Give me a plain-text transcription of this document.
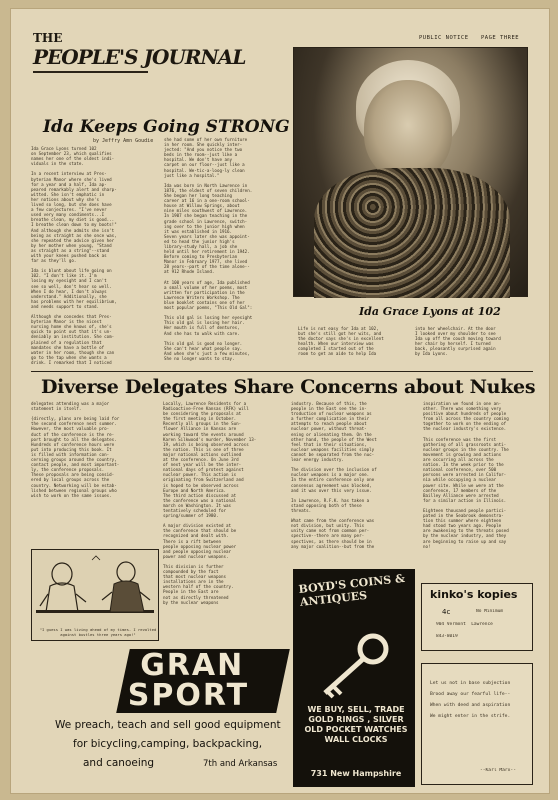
THE
PEOPLE'S JOURNAL
PUBLIC NOTICE PAGE THREE
Ida Keeps Going STRONG
by Jeffry Amn Goudie
Ida Grace Lyons turned 102
on September 23, which qualifies
names her one of the oldest indi-
viduals in the state.

In a recent interview at Pres-
byterian Manor where she's lived
for a year and a half, Ida ap-
peared remarkably alert and sharp-
witted. She isn't emphatic in
her notions about why she's
lived so long, but she does have
a few conjectures. "I've never
used very many condiments...I
breathe clean, my diet is good...
I breathe clean down to my boots!"
And although she admits she isn't
being as straight as she once was,
she repeated the advice given her
by her mother when young, "Stand
as straight as a string"--stand
with your knees pushed back as
far as they'll go.

Ida is blunt about life going on
102. "I don't like it. I'm
losing my eyesight and I can't
see so well, don't hear so well.
When I do hear, I don't always
understand." Additionally, she
has problems with her equilibrium,
and needs support to stand.

Although she concedes that Pres-
byterian Manor is the nicest
nursing home she knows of, she's
quick to point out that it's un-
deniably an institution. She com-
plained of a regulation that
mandates she have a bottle of
water in her room, though she can
go to the tap when she wants a
drink. I remarked that I noticed
she had some of her own furniture
in her room. She quickly inter-
jected: "And you notice the two
beds in the room--just like a
hospital. We don't have any
carpet on our floor--just like a
hospital. We-tic-a-loog-ly clean
just like a hospital."

Ida was born in North Lawrence in
1876, the eldest of seven children.
She began her long teaching
career at 16 in a one-room school-
house at Willow Springs, about
nine miles southwest of Lawrence.
In 1907 she began teaching in the
grade school in Lawrence, switch-
ing over to the junior high when
it was established in 1916.
Seven years later she was appoint-
ed to head the junior high's
library-study hall, a job she
held until her retirement in 1942.
Before coming to Presbyterian
Manor in February 1977, she lived
28 years--part of the time alone--
at 912 Rhode Island.

At 100 years of age, Ida published
a small volume of her poems, most
written for participation in the
Lawrence Writers Workshop. The
blue booklet contains one of her
most popular poems, "This Old Gal":

This old gal is losing her eyesight
This old gal is losing her hair.
Her mouth is full of dentures,
And she has to walk with care.

This old gal is good no longer.
She can't hear what people say.
And when she's just a few minutes,
She no longer wants to stay.
Ida Grace Lyons at 102
Life is not easy for Ida at 102,
but she's still got her wits, and
the doctor says she's in excellent
health. When our interview was
completed I started out of the
room to get an aide to help Ida
into her wheelchair. At the door
I looked over my shoulder to see
Ida up off the couch moving toward
her chair by herself. I turned
back, pleasantly surprised again
by Ida Lyons.
Diverse Delegates Share Concerns about Nukes
delegates attending was a major
statement in itself.

{directly, plans are being laid for
the second conference next summer.
However, the most valuable pro-
duct of the conference is the re-
port brought to all the delegates.
Hundreds of conference hours were
put into producing this book. It
is filled with information con-
cerning groups around the country,
contact people, and most important-
ly, the conference proposals.
These proposals are being consid-
ered by local groups across the
country. Networking will be estab-
lished between regional groups who
wish to work on the same issues.
"I guess I was living ahead of my times. I revolted
against bustles three years ago!"
Locally, Lawrence Residents for a
Radioactive-Free Kansas (RFK) will
be considering the proposals at
the first meeting in October.
Recently all groups in the Sun-
flower Alliance in Kansas are
working toward the events around
Karen Silkwood's murder, November 13-
19, which is being observed across
the nation. This is one of three
major national actions outlined
at the conference. On June 3rd
of next year will be the inter-
national days of protest against
nuclear power. This action is
originating from Switzerland and
is hoped to be observed across
Europe and North America.
The third action discussed at
the conference was a national
march on Washington. It was
tentatively scheduled for
spring/summer of 1980.

A major division existed at
the conference that should be
recognized and dealt with.
There is a rift between
people opposing nuclear power
and people opposing nuclear
power and nuclear weapons.

This division is further
compounded by the fact
that most nuclear weapons
installations are in the
western half of the country.
People in the East are
not as directly threatened
by the nuclear weapons
industry. Because of this, the
people in the East see the in-
troduction of nuclear weapons as
a further complication in their
attempts to reach people about
nuclear power, without threat-
ening or alienating them. On the
other hand, the people of the West
feel that in their situations,
nuclear weapons facilities simply
cannot be separated from the nuc-
lear energy industry.

The division over the inclusion of
nuclear weapons is a major one.
In the entire conference only one
consensus agreement was blocked,
and it was over this very issue.

In Lawrence, R.F.K. has taken a
stand opposing both of these
threats.

What came from the conference was
not division, but unity. This
unity came not from common per-
spective--there are many per-
spectives, as there should be in
any major coalition--but from the
inspiration we found in one an-
other. There was something very
positive about hundreds of people
from all across the country coming
together to work on the ending of
the nuclear industry's existence.

This conference was the first
gathering of all grassroots anti-
nuclear groups in the country. The
movement is growing and actions
are occurring all across the
nation. In the week prior to the
national conference, over 500
persons were arrested in Califor-
nia while occupying a nuclear
power site. While we were at the
conference, 17 members of the
Bailley Alliance were arrested
for a similar action in Illinois.

Eighteen thousand people partici-
pated in the Seabrook demonstra-
tion this summer where eighteen
had stood two years ago. People
are awakening to the threats posed
by the nuclear industry, and they
are beginning to raise up and say
no!
GRAN
SPORT
We preach, teach and sell good equipment
for bicycling,camping, backpacking,
and canoeing	7th and Arkansas
BOYD'S COINS & ANTIQUES
WE BUY, SELL, TRADE
GOLD RINGS , SILVER
OLD POCKET WATCHES
WALL CLOCKS
731 New Hampshire
kinko's kopies
4c	No Minimum
904 Vermont  Lawrence
843-8019
Let us not in base subjection
Brood away our fearful life--
When with deed and aspiration
We might enter in the strife.
--Karl Marx--
